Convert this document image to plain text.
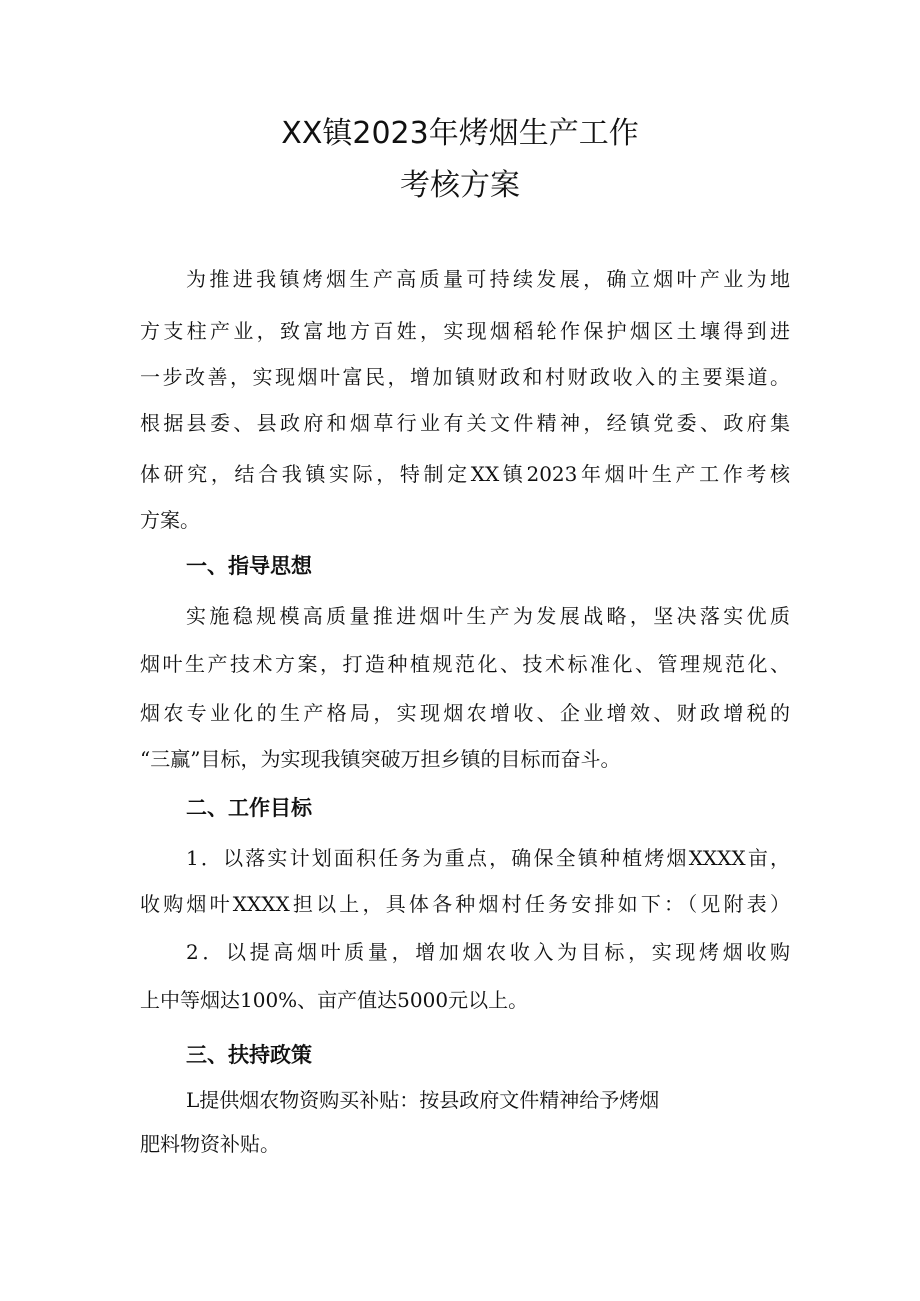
XX镇2023年烤烟生产工作
考核方案
为推进我镇烤烟生产高质量可持续发展，确立烟叶产业为地
方支柱产业，致富地方百姓，实现烟稻轮作保护烟区土壤得到进
一步改善，实现烟叶富民，增加镇财政和村财政收入的主要渠道。
根据县委、县政府和烟草行业有关文件精神，经镇党委、政府集
体研究，结合我镇实际，特制定XX镇2023年烟叶生产工作考核
方案。
一、指导思想
实施稳规模高质量推进烟叶生产为发展战略，坚决落实优质
烟叶生产技术方案，打造种植规范化、技术标准化、管理规范化、
烟农专业化的生产格局，实现烟农增收、企业增效、财政增税的
“三赢”目标，为实现我镇突破万担乡镇的目标而奋斗。
二、工作目标
1．以落实计划面积任务为重点，确保全镇种植烤烟XXXX亩，
收购烟叶XXXX担以上，具体各种烟村任务安排如下：（见附表）
2．以提高烟叶质量，增加烟农收入为目标，实现烤烟收购
上中等烟达100%、亩产值达5000元以上。
三、扶持政策
L提供烟农物资购买补贴：按县政府文件精神给予烤烟
肥料物资补贴。
